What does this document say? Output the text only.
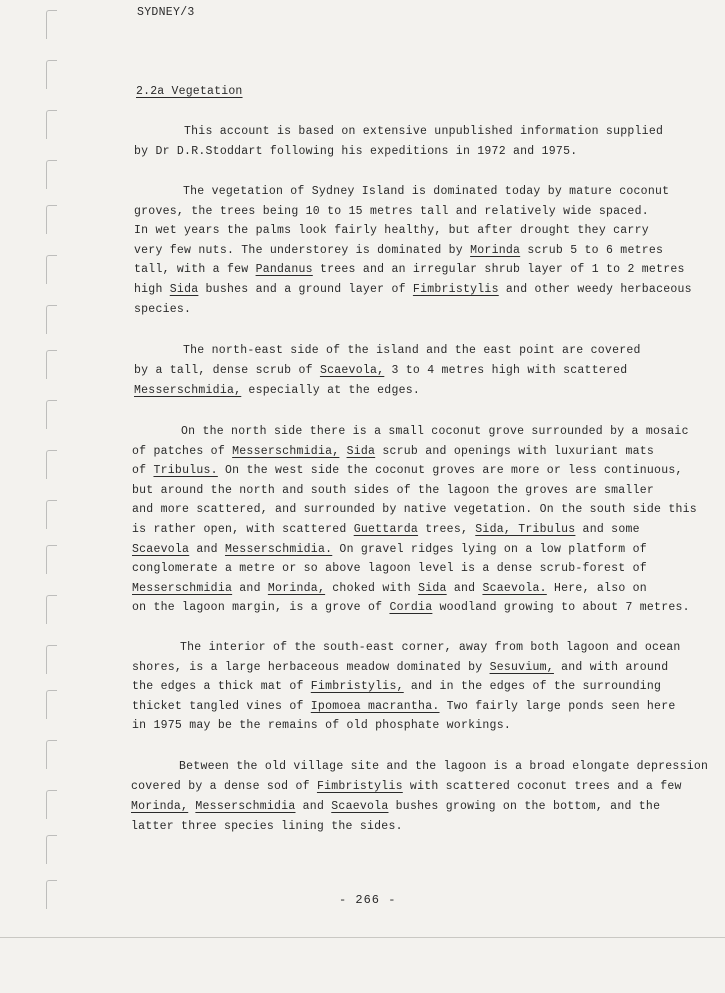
SYDNEY/3
2.2a Vegetation
This account is based on extensive unpublished information supplied
by Dr D.R.Stoddart following his expeditions in 1972 and 1975.
The vegetation of Sydney Island is dominated today by mature coconut
groves, the trees being 10 to 15 metres tall and relatively wide spaced.
In wet years the palms look fairly healthy, but after drought they carry
very few nuts. The understorey is dominated by Morinda scrub 5 to 6 metres
tall, with a few Pandanus trees and an irregular shrub layer of 1 to 2 metres
high Sida bushes and a ground layer of Fimbristylis and other weedy herbaceous
species.
The north-east side of the island and the east point are covered
by a tall, dense scrub of Scaevola, 3 to 4 metres high with scattered
Messerschmidia, especially at the edges.
On the north side there is a small coconut grove surrounded by a mosaic
of patches of Messerschmidia, Sida scrub and openings with luxuriant mats
of Tribulus. On the west side the coconut groves are more or less continuous,
but around the north and south sides of the lagoon the groves are smaller
and more scattered, and surrounded by native vegetation. On the south side this
is rather open, with scattered Guettarda trees, Sida, Tribulus and some
Scaevola and Messerschmidia. On gravel ridges lying on a low platform of
conglomerate a metre or so above lagoon level is a dense scrub-forest of
Messerschmidia and Morinda, choked with Sida and Scaevola. Here, also on
on the lagoon margin, is a grove of Cordia woodland growing to about 7 metres.
The interior of the south-east corner, away from both lagoon and ocean
shores, is a large herbaceous meadow dominated by Sesuvium, and with around
the edges a thick mat of Fimbristylis, and in the edges of the surrounding
thicket tangled vines of Ipomoea macrantha. Two fairly large ponds seen here
in 1975 may be the remains of old phosphate workings.
Between the old village site and the lagoon is a broad elongate depression
covered by a dense sod of Fimbristylis with scattered coconut trees and a few
Morinda, Messerschmidia and Scaevola bushes growing on the bottom, and the
latter three species lining the sides.
- 266 -
